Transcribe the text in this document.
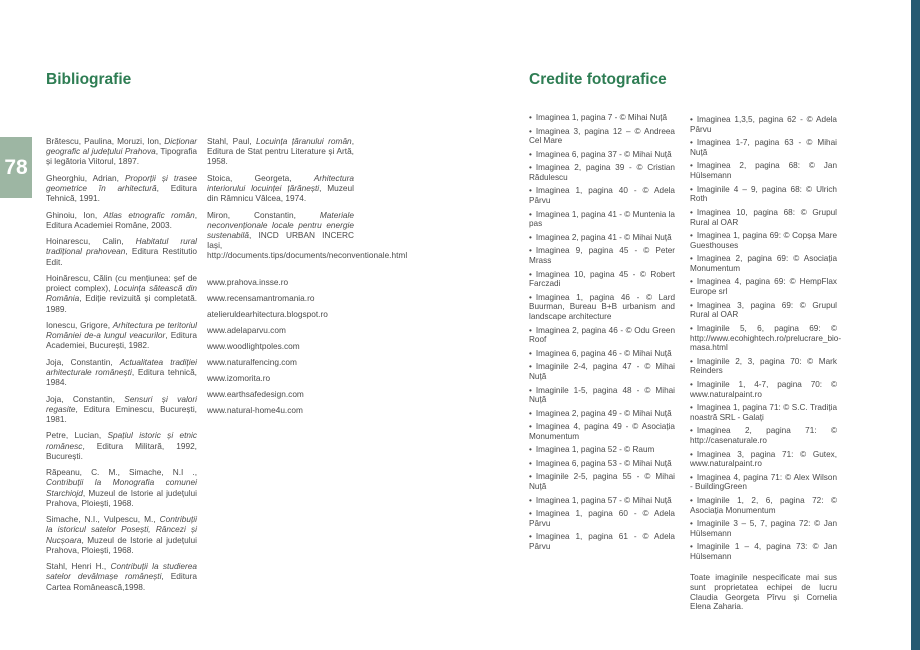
78
Bibliografie	Credite fotografice

Brătescu, Paulina, Moruzi, Ion, Dicționar geografic al județului Prahova, Tipografia și legătoria Viitorul, 1897.

Gheorghiu, Adrian, Proporții și trasee geometrice în arhitectură, Editura Tehnică, 1991.

Ghinoiu, Ion, Atlas etnografic român, Editura Academiei Române, 2003.

Hoinarescu, Calin, Habitatul rural tradițional prahovean, Editura Restitutio Edit.

Hoinărescu, Călin (cu mențiunea: șef de proiect complex), Locuința sătească din România, Ediție revizuită și completată. 1989.

Ionescu, Grigore, Arhitectura pe teritoriul României de-a lungul veacurilor, Editura Academiei, București, 1982.

Joja, Constantin, Actualitatea tradiției arhitecturale românești, Editura tehnică, 1984.

Joja, Constantin, Sensuri și valori regasite, Editura Eminescu, București, 1981.

Petre, Lucian, Spațiul istoric și etnic romănesc, Editura Militară, 1992, București.

Răpeanu, C. M., Simache, N.I ., Contribuții la Monografia comunei Starchiojd, Muzeul de Istorie al județului Prahova, Ploiești, 1968.

Simache, N.I., Vulpescu, M., Contribuții la istoricul satelor Posești, Râncezi și Nucșoara, Muzeul de Istorie al județului Prahova, Ploiești, 1968.

Stahl, Henri H., Contribuții la studierea satelor devălmașe românești, Editura Cartea Românească,1998.

Stahl, Paul, Locuința țăranului român, Editura de Stat pentru Literature și Artă, 1958.

Stoica, Georgeta, Arhitectura interiorului locuinței țărănești, Muzeul din Râmnicu Vâlcea, 1974.

Miron, Constantin, Materiale neconvenționale locale pentru energie sustenabilă, INCD URBAN INCERC Iași, http://documents.tips/documents/neconventionale.html

www.prahova.insse.ro
www.recensamantromania.ro
atelieruldearhitectura.blogspot.ro
www.adelaparvu.com
www.woodlightpoles.com
www.naturalfencing.com
www.izomorita.ro
www.earthsafedesign.com
www.natural-home4u.com
• Imaginea 1, pagina 7 - © Mihai Nuță
• Imaginea 3, pagina 12 – © Andreea Cel Mare
• Imaginea 6, pagina 37 - © Mihai Nuță
• Imaginea 2, pagina 39 - © Cristian Rădulescu
• Imaginea 1, pagina 40 - © Adela Pârvu
• Imaginea 1, pagina 41 - © Muntenia la pas
• Imaginea 2, pagina 41 - © Mihai Nuță
• Imaginea 9, pagina 45 - © Peter Mrass
• Imaginea 10, pagina 45 - © Robert Farczadi
• Imaginea 1, pagina 46 - © Lard Buurman, Bureau B+B urbanism and landscape architecture
• Imaginea 2, pagina 46 - © Odu Green Roof
• Imaginea 6, pagina 46 - © Mihai Nuță
• Imaginile 2-4, pagina 47 - © Mihai Nuță
• Imaginile 1-5, pagina 48 - © Mihai Nuță
• Imaginea 2, pagina 49 - © Mihai Nuță
• Imaginea 4, pagina 49 - © Asociația Monumentum
• Imaginea 1, pagina 52 - © Raum
• Imaginea 6, pagina 53 - © Mihai Nuță
• Imaginile 2-5, pagina 55 - © Mihai Nuță
• Imaginea 1, pagina 57 - © Mihai Nuță
• Imaginea 1, pagina 60 - © Adela Pârvu
• Imaginea 1, pagina 61 - © Adela Pârvu
• Imaginea 1,3,5, pagina 62 - © Adela Pârvu
• Imaginea 1-7, pagina 63 - © Mihai Nuță
• Imaginea 2, pagina 68: © Jan Hülsemann
• Imaginile 4 – 9, pagina 68: © Ulrich Roth
• Imaginea 10, pagina 68: © Grupul Rural al OAR
• Imaginea 1, pagina 69: © Copșa Mare Guesthouses
• Imaginea 2, pagina 69: © Asociația Monumentum
• Imaginea 4, pagina 69: © HempFlax Europe srl
• Imaginea 3, pagina 69: © Grupul Rural al OAR
• Imaginile 5, 6, pagina 69: © http://www.ecohightech.ro/prelucrare_bio-masa.html
• Imaginile 2, 3, pagina 70: © Mark Reinders
• Imaginile 1, 4-7, pagina 70: © www.naturalpaint.ro
• Imaginea 1, pagina 71: © S.C. Tradiția noastră SRL - Galați
• Imaginea 2, pagina 71: © http://casenaturale.ro
• Imaginea 3, pagina 71: © Gutex, www.naturalpaint.ro
• Imaginea 4, pagina 71: © Alex Wilson - BuildingGreen
• Imaginile 1, 2, 6, pagina 72: © Asociația Monumentum
• Imaginile 3 – 5, 7, pagina 72: © Jan Hülsemann
• Imaginile 1 – 4, pagina 73: © Jan Hülsemann

Toate imaginile nespecificate mai sus sunt proprietatea echipei de lucru Claudia Georgeta Pîrvu și Cornelia Elena Zaharia.
